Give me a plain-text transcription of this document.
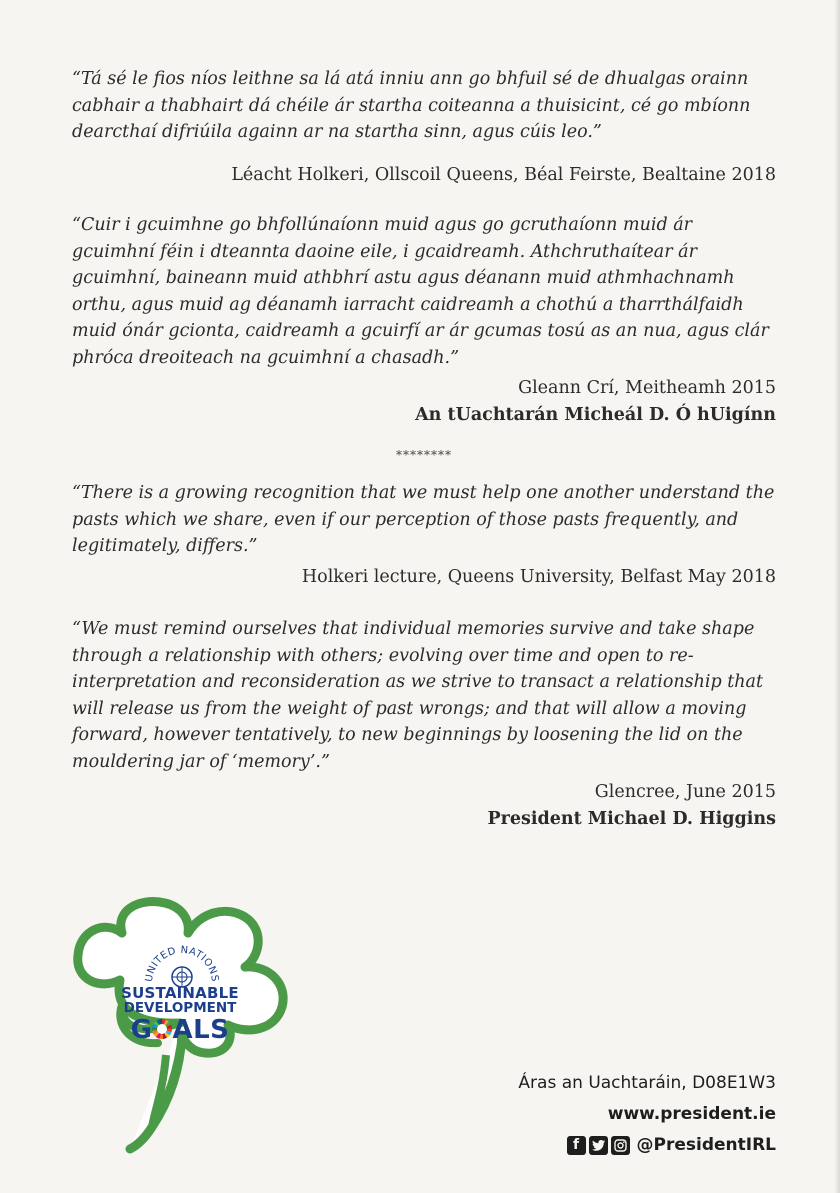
“Tá sé le fios níos leithne sa lá atá inniu ann go bhfuil sé de dhualgas orainn cabhair a thabhairt dá chéile ár startha coiteanna a thuisicint, cé go mbíonn dearcthaí difriúila againn ar na startha sinn, agus cúis leo.”

Léacht Holkeri, Ollscoil Queens, Béal Feirste, Bealtaine 2018

“Cuir i gcuimhne go bhfollúnaíonn muid agus go gcruthaíonn muid ár gcuimhní féin i dteannta daoine eile, i gcaidreamh. Athchruthaítear ár gcuimhní, baineann muid athbhrí astu agus déanann muid athmhachnamh orthu, agus muid ag déanamh iarracht caidreamh a chothú a tharrthálfaidh muid ónár gcionta, caidreamh a gcuirfí ar ár gcumas tosú as an nua, agus clár phróca dreoiteach na gcuimhní a chasadh.”

Gleann Crí, Meitheamh 2015

An tUachtarán Micheál D. Ó hUigínn

********

“There is a growing recognition that we must help one another understand the pasts which we share, even if our perception of those pasts frequently, and legitimately, differs.”

Holkeri lecture, Queens University, Belfast May 2018

“We must remind ourselves that individual memories survive and take shape through a relationship with others; evolving over time and open to re-interpretation and reconsideration as we strive to transact a relationship that will release us from the weight of past wrongs; and that will allow a moving forward, however tentatively, to new beginnings by loosening the lid on the mouldering jar of ‘memory’.”

Glencree, June 2015

President Michael D. Higgins

UNITED NATIONS
SUSTAINABLE
DEVELOPMENT
G ALS
Áras an Uachtaráin, D08E1W3
www.president.ie
f	@PresidentIRL
